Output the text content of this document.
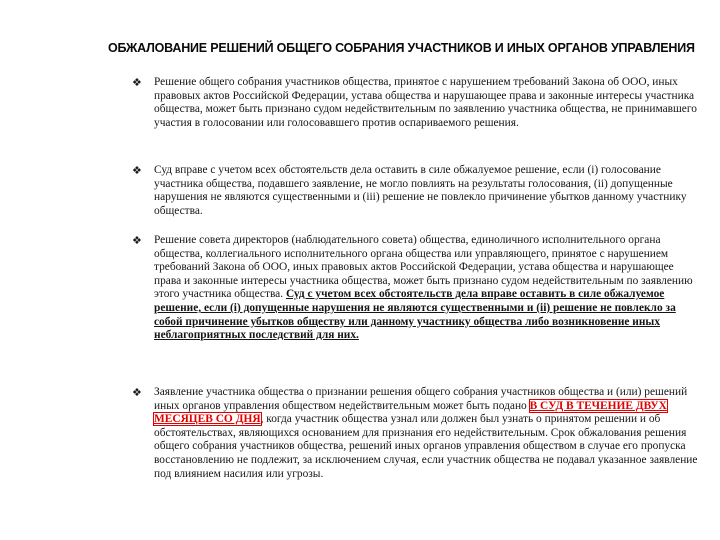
ОБЖАЛОВАНИЕ РЕШЕНИЙ ОБЩЕГО СОБРАНИЯ УЧАСТНИКОВ И ИНЫХ ОРГАНОВ УПРАВЛЕНИЯ
❖ Решение общего собрания участников общества, принятое с нарушением требований Закона об ООО, иных правовых актов Российской Федерации, устава общества и нарушающее права и законные интересы участника общества, может быть признано судом недействительным по заявлению участника общества, не принимавшего участия в голосовании или голосовавшего против оспариваемого решения.
❖ Суд вправе с учетом всех обстоятельств дела оставить в силе обжалуемое решение, если (i) голосование участника общества, подавшего заявление, не могло повлиять на результаты голосования, (ii) допущенные нарушения не являются существенными и (iii) решение не повлекло причинение убытков данному участнику общества.
❖ Решение совета директоров (наблюдательного совета) общества, единоличного исполнительного органа общества, коллегиального исполнительного органа общества или управляющего, принятое с нарушением требований Закона об ООО, иных правовых актов Российской Федерации, устава общества и нарушающее права и законные интересы участника общества, может быть признано судом недействительным по заявлению этого участника общества. Суд с учетом всех обстоятельств дела вправе оставить в силе обжалуемое решение, если (i) допущенные нарушения не являются существенными и (ii) решение не повлекло за собой причинение убытков обществу или данному участнику общества либо возникновение иных неблагоприятных последствий для них.
❖ Заявление участника общества о признании решения общего собрания участников общества и (или) решений иных органов управления обществом недействительным может быть подано В СУД В ТЕЧЕНИЕ ДВУХ МЕСЯЦЕВ СО ДНЯ, когда участник общества узнал или должен был узнать о принятом решении и об обстоятельствах, являющихся основанием для признания его недействительным. Срок обжалования решения общего собрания участников общества, решений иных органов управления обществом в случае его пропуска восстановлению не подлежит, за исключением случая, если участник общества не подавал указанное заявление под влиянием насилия или угрозы.
